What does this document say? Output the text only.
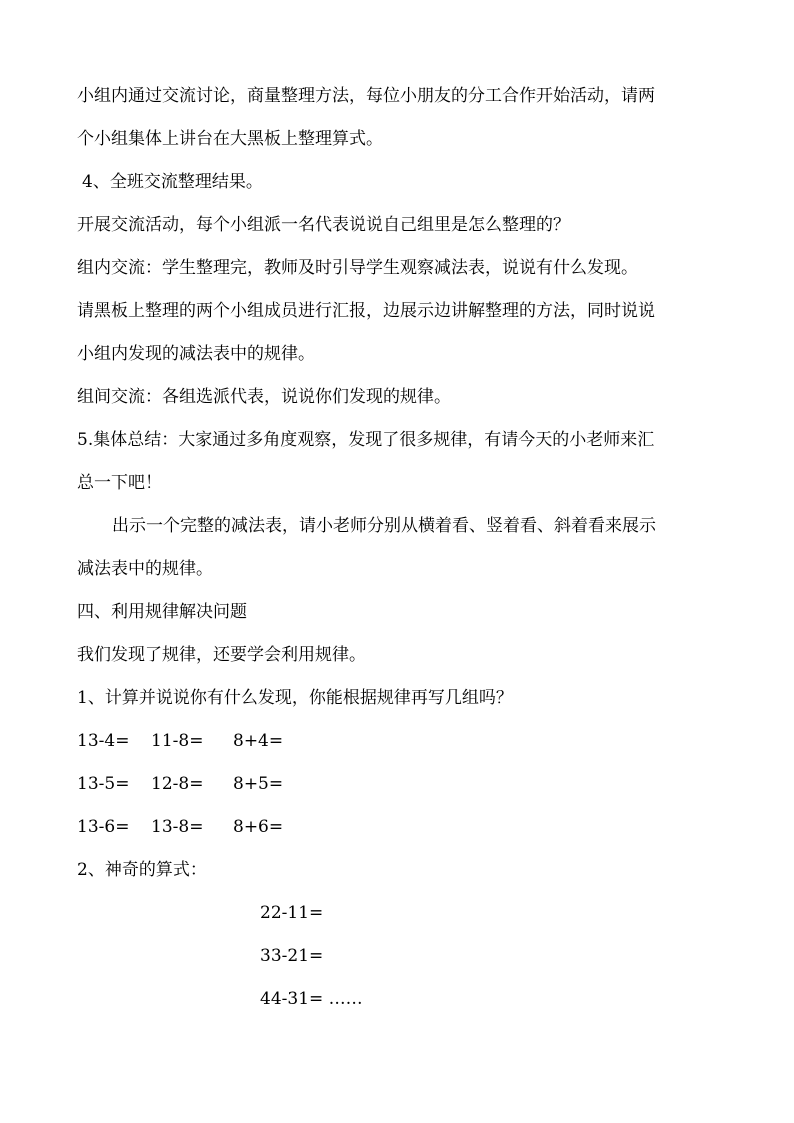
小组内通过交流讨论，商量整理方法，每位小朋友的分工合作开始活动，请两
个小组集体上讲台在大黑板上整理算式。
4、全班交流整理结果。
开展交流活动，每个小组派一名代表说说自己组里是怎么整理的？
组内交流：学生整理完，教师及时引导学生观察减法表，说说有什么发现。
请黑板上整理的两个小组成员进行汇报，边展示边讲解整理的方法，同时说说
小组内发现的减法表中的规律。
组间交流：各组选派代表，说说你们发现的规律。
5.集体总结：大家通过多角度观察，发现了很多规律，有请今天的小老师来汇
总一下吧！
出示一个完整的减法表，请小老师分别从横着看、竖着看、斜着看来展示
减法表中的规律。
四、利用规律解决问题
我们发现了规律，还要学会利用规律。
1、计算并说说你有什么发现，你能根据规律再写几组吗？
13-4= 11-8= 8+4=
13-5= 12-8= 8+5=
13-6= 13-8= 8+6=
2、神奇的算式：
22-11=
33-21=
44-31= ……
